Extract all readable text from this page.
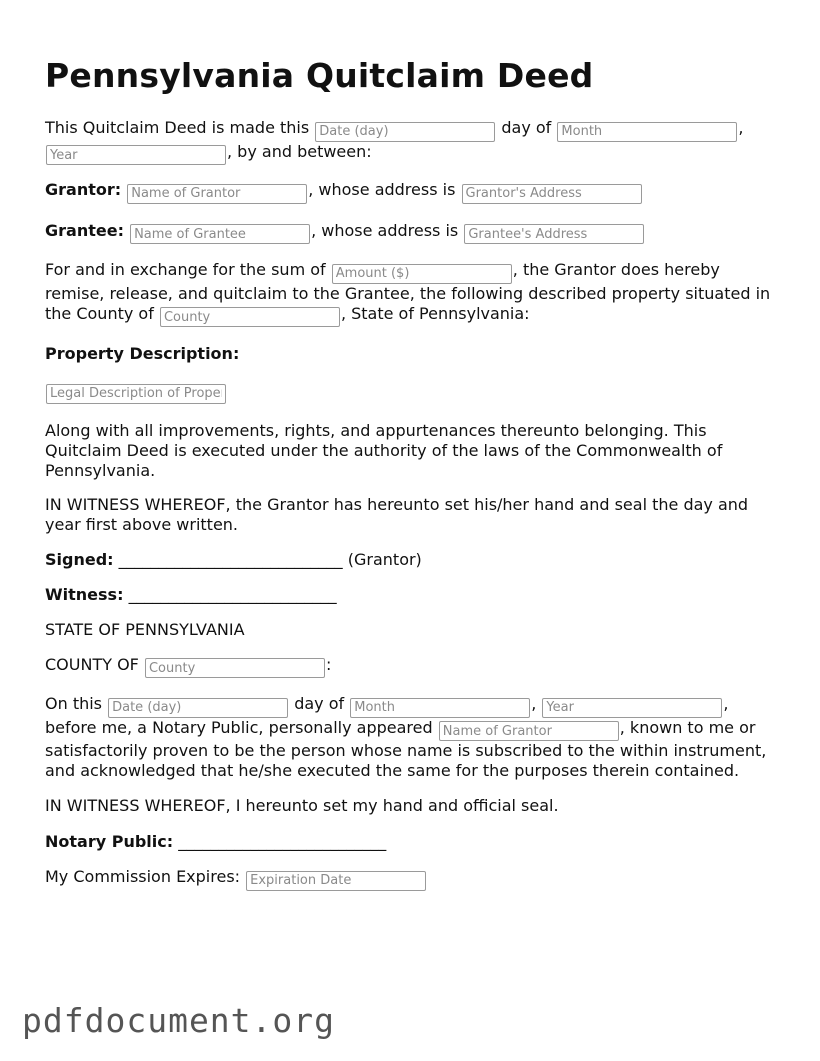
Pennsylvania Quitclaim Deed

This Quitclaim Deed is made this Date (day)	day of Month	,
Year, by and between:

Grantor: Name of Grantor	, whose address is Grantor's Address

Grantee: Name of Grantee	, whose address is Grantee's Address

For and in exchange for the sum of Amount ($)	, the Grantor does hereby remise, release, and quitclaim to the Grantee, the following described property situated in the County of County	, State of Pennsylvania:

Property Description:

Legal Description of Property

Along with all improvements, rights, and appurtenances thereunto belonging. This Quitclaim Deed is executed under the authority of the laws of the Commonwealth of Pennsylvania.

IN WITNESS WHEREOF, the Grantor has hereunto set his/her hand and seal the day and year first above written.

Signed: ____________________________ (Grantor)

Witness: __________________________

STATE OF PENNSYLVANIA

COUNTY OF County	:

On this Date (day)	day of Month	, Year	, before me, a Notary Public, personally appeared Name of Grantor	, known to me or satisfactorily proven to be the person whose name is subscribed to the within instrument, and acknowledged that he/she executed the same for the purposes therein contained.

IN WITNESS WHEREOF, I hereunto set my hand and official seal.

Notary Public: __________________________

My Commission Expires: Expiration Date

pdfdocument.org
